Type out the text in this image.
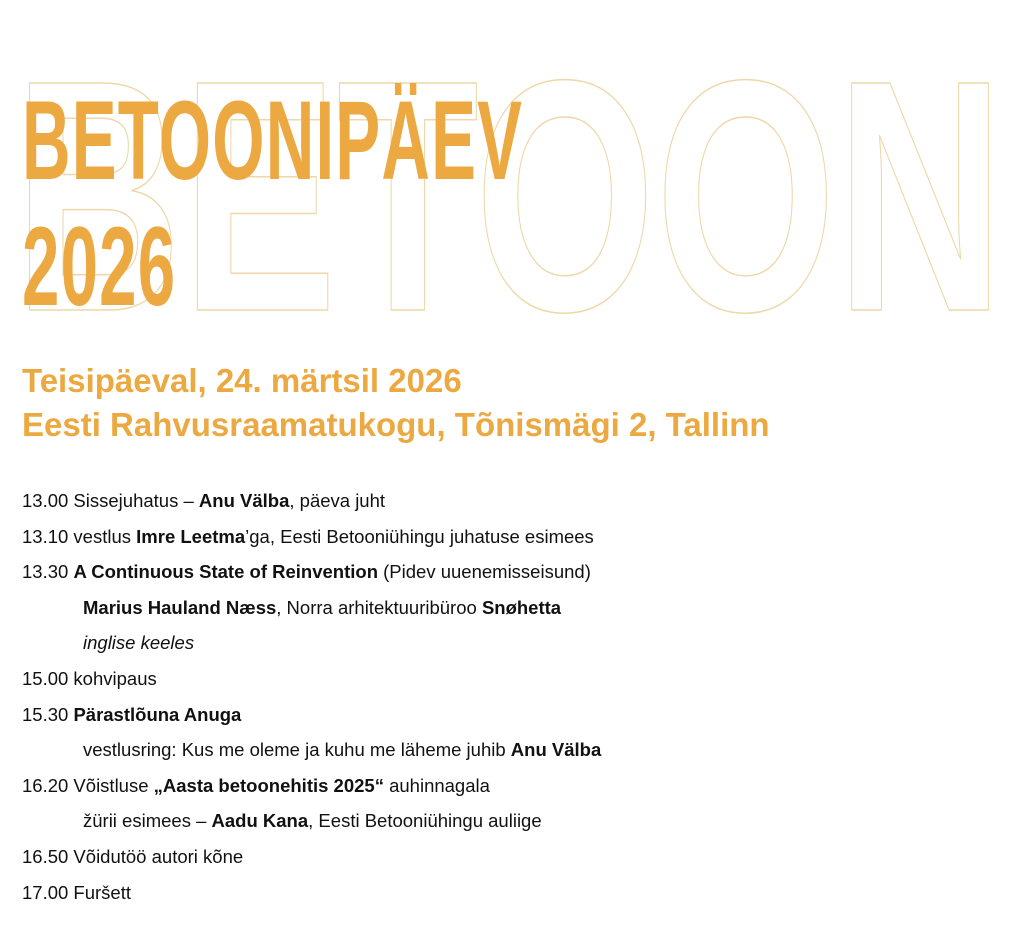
BETOON
BETOONIPÄEV
2026
Teisipäeval, 24. märtsil 2026
Eesti Rahvusraamatukogu, Tõnismägi 2, Tallinn
13.00 Sissejuhatus – Anu Välba, päeva juht
13.10 vestlus Imre Leetma’ga, Eesti Betooniühingu juhatuse esimees
13.30 A Continuous State of Reinvention (Pidev uuenemisseisund)
Marius Hauland Næss, Norra arhitektuuribüroo Snøhetta
inglise keeles
15.00 kohvipaus
15.30 Pärastlõuna Anuga
vestlusring: Kus me oleme ja kuhu me läheme juhib Anu Välba
16.20 Võistluse „Aasta betoonehitis 2025“ auhinnagala
žürii esimees – Aadu Kana, Eesti Betooniühingu auliige
16.50 Võidutöö autori kõne
17.00 Furšett
